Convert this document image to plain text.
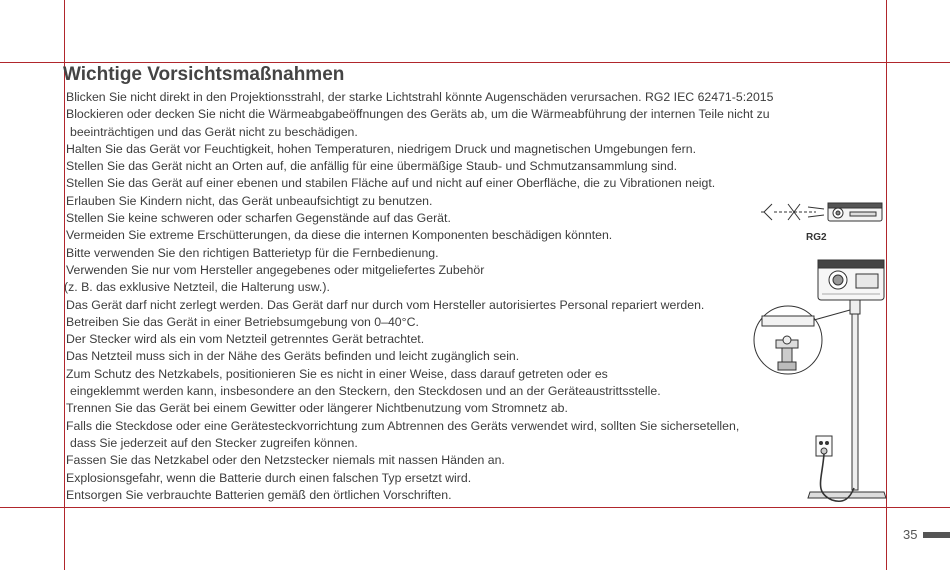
Wichtige Vorsichtsmaßnahmen
Blicken Sie nicht direkt in den Projektionsstrahl, der starke Lichtstrahl könnte Augenschäden verursachen. RG2 IEC 62471-5:2015
Blockieren oder decken Sie nicht die Wärmeabgabeöffnungen des Geräts ab, um die Wärmeabführung der internen Teile nicht zu
beeinträchtigen und das Gerät nicht zu beschädigen.
Halten Sie das Gerät vor Feuchtigkeit, hohen Temperaturen, niedrigem Druck und magnetischen Umgebungen fern.
Stellen Sie das Gerät nicht an Orten auf, die anfällig für eine übermäßige Staub- und Schmutzansammlung sind.
Stellen Sie das Gerät auf einer ebenen und stabilen Fläche auf und nicht auf einer Oberfläche, die zu Vibrationen neigt.
Erlauben Sie Kindern nicht, das Gerät unbeaufsichtigt zu benutzen.
Stellen Sie keine schweren oder scharfen Gegenstände auf das Gerät.
Vermeiden Sie extreme Erschütterungen, da diese die internen Komponenten beschädigen könnten.
Bitte verwenden Sie den richtigen Batterietyp für die Fernbedienung.
Verwenden Sie nur vom Hersteller angegebenes oder mitgeliefertes Zubehör
(z. B. das exklusive Netzteil, die Halterung usw.).
Das Gerät darf nicht zerlegt werden. Das Gerät darf nur durch vom Hersteller autorisiertes Personal repariert werden.
Betreiben Sie das Gerät in einer Betriebsumgebung von 0–40°C.
Der Stecker wird als ein vom Netzteil getrenntes Gerät betrachtet.
Das Netzteil muss sich in der Nähe des Geräts befinden und leicht zugänglich sein.
Zum Schutz des Netzkabels, positionieren Sie es nicht in einer Weise, dass darauf getreten oder es
eingeklemmt werden kann, insbesondere an den Steckern, den Steckdosen und an der Geräteaustrittsstelle.
Trennen Sie das Gerät bei einem Gewitter oder längerer Nichtbenutzung vom Stromnetz ab.
Falls die Steckdose oder eine Gerätesteckvorrichtung zum Abtrennen des Geräts verwendet wird, sollten Sie sichersetellen,
dass Sie jederzeit auf den Stecker zugreifen können.
Fassen Sie das Netzkabel oder den Netzstecker niemals mit nassen Händen an.
Explosionsgefahr, wenn die Batterie durch einen falschen Typ ersetzt wird.
Entsorgen Sie verbrauchte Batterien gemäß den örtlichen Vorschriften.
RG2
35
